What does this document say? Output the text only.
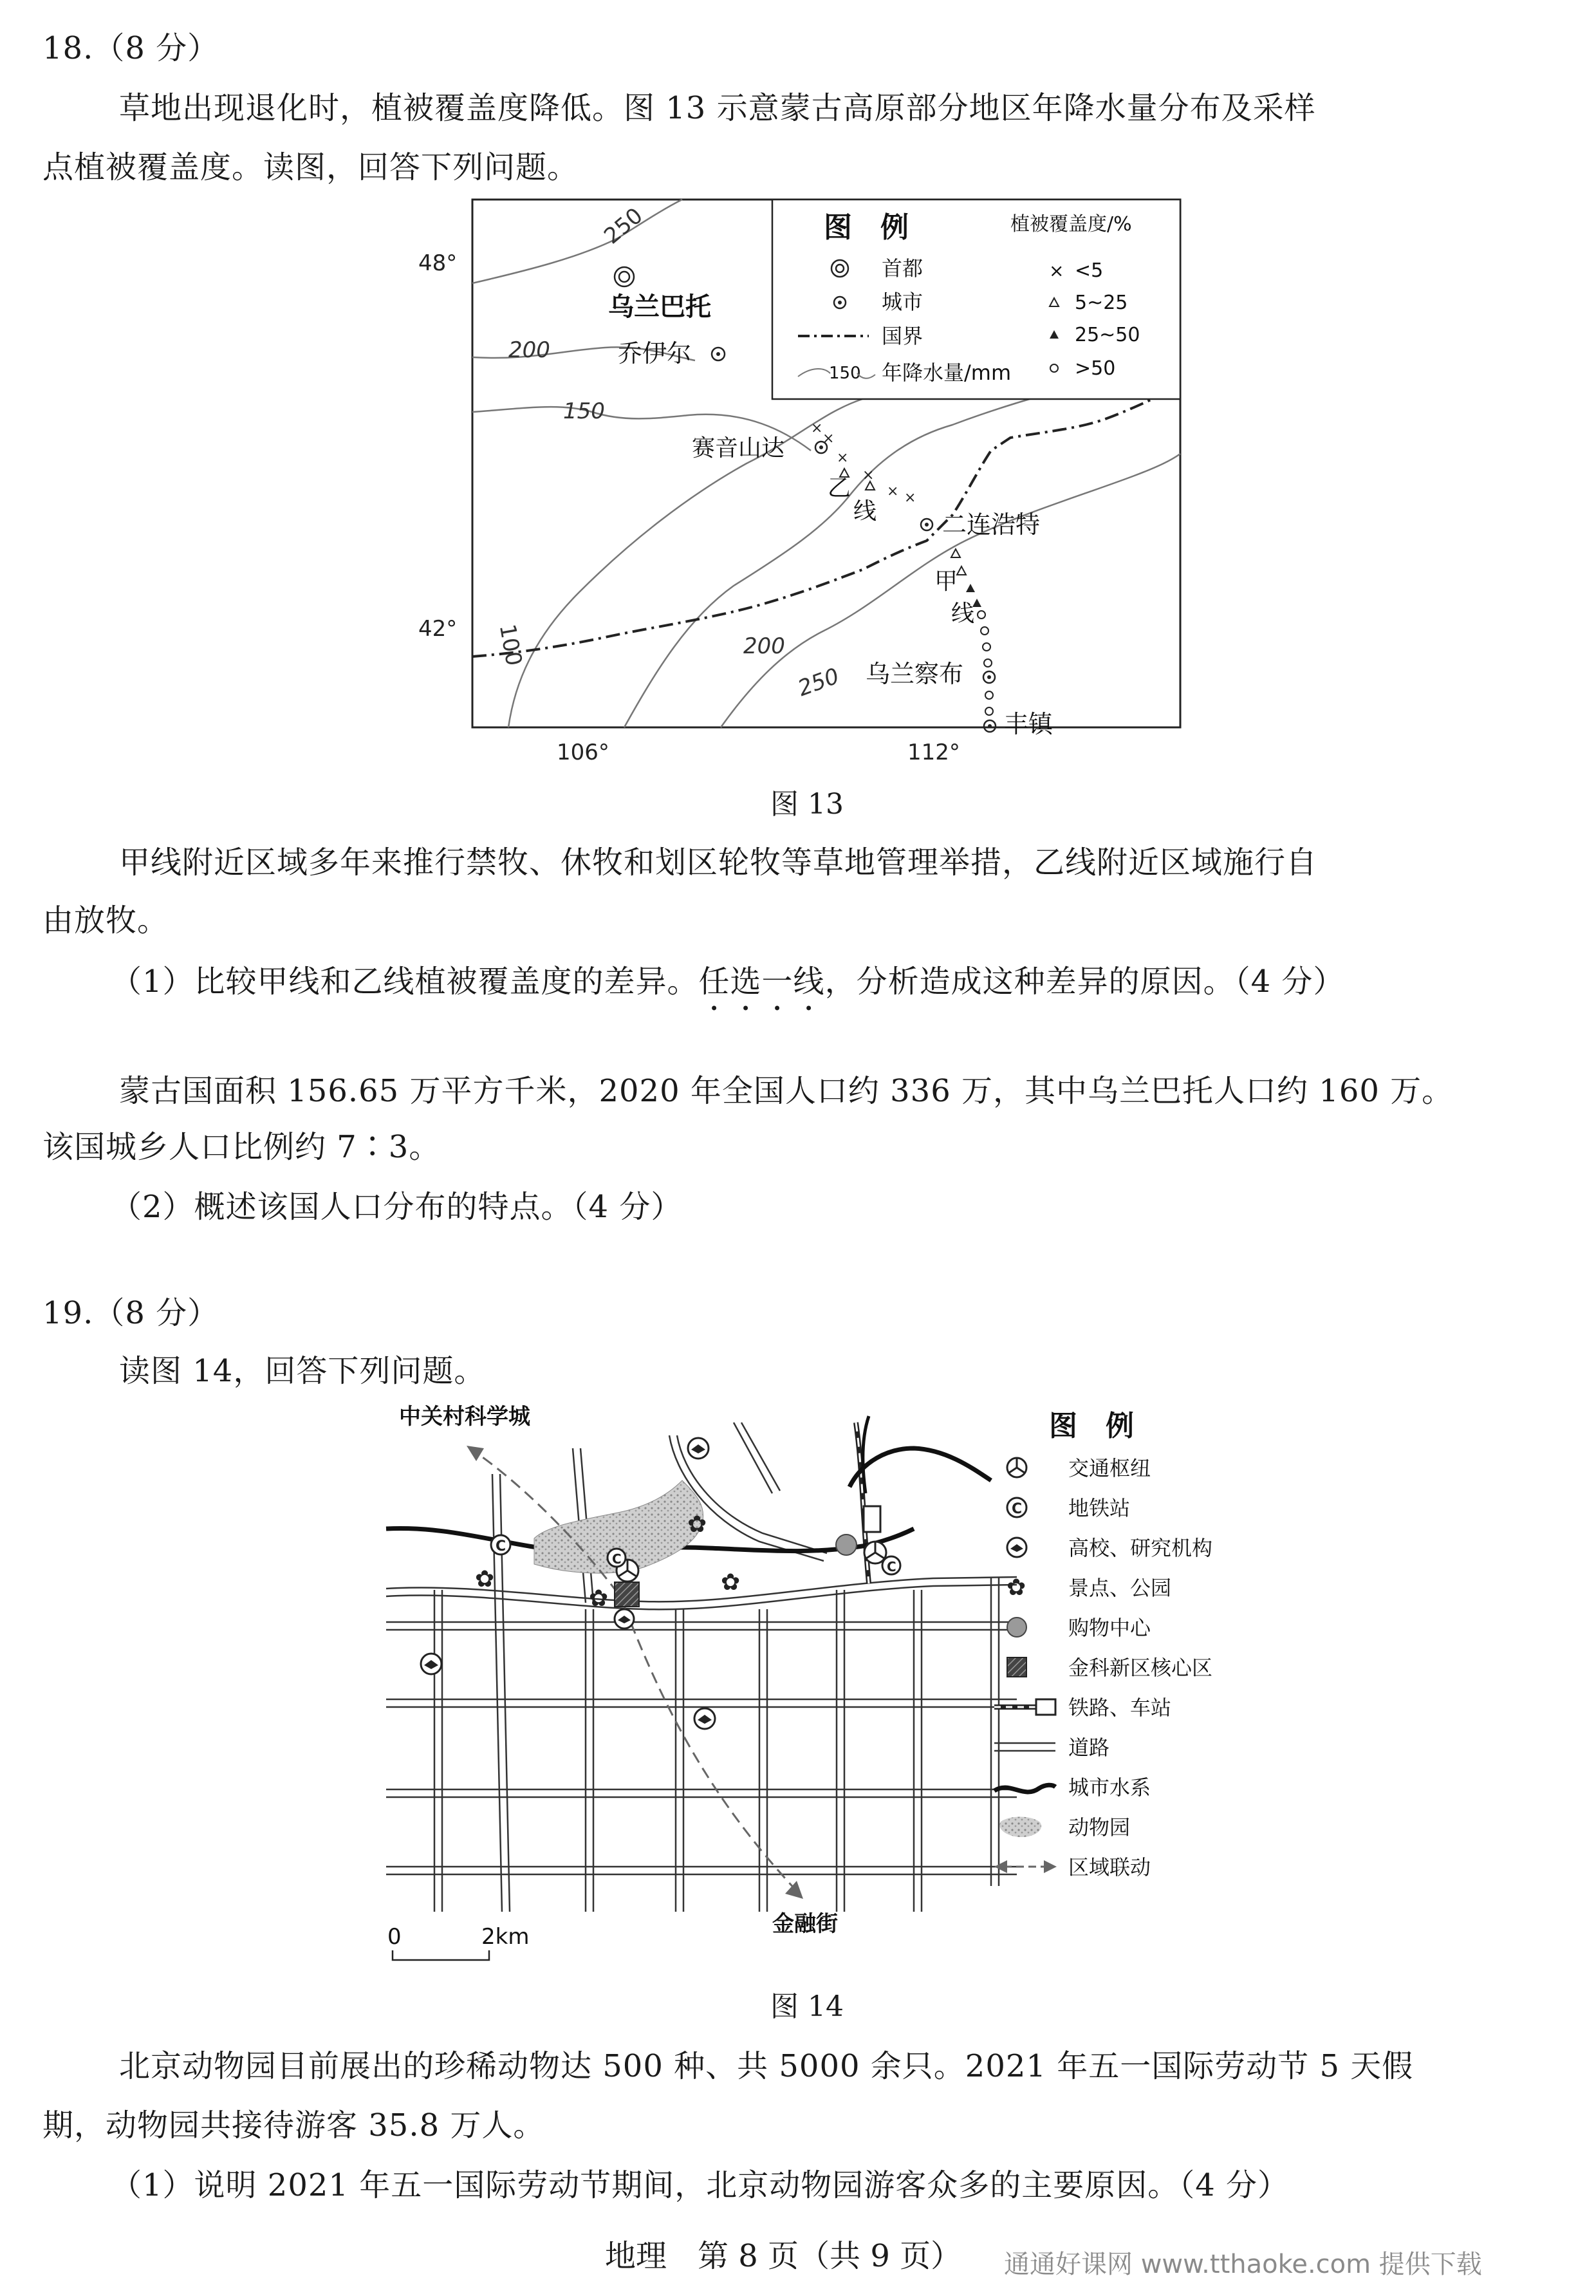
18.（8 分）
草地出现退化时，植被覆盖度降低。图 13 示意蒙古高原部分地区年降水量分布及采样
点植被覆盖度。读图，回答下列问题。
48°
42°
106°	112°
250
200
150
100	200
250
乌兰巴托
乔伊尔
图　例	植被覆盖度/%
首都
城市
国界
150 年降水量/mm
× <5
5~25
25~50
>50
赛音山达
×
×
×
×
× ×
乙
线	二连浩特
甲
线
乌兰察布
丰镇
图 13
甲线附近区域多年来推行禁牧、休牧和划区轮牧等草地管理举措，乙线附近区域施行自
由放牧。
（1）比较甲线和乙线植被覆盖度的差异。任选一线，分析造成这种差异的原因。（4 分）
蒙古国面积 156.65 万平方千米，2020 年全国人口约 336 万，其中乌兰巴托人口约 160 万。
该国城乡人口比例约 7∶3。
（2）概述该国人口分布的特点。（4 分）
19.（8 分）
读图 14，回答下列问题。
C
C	C
✿
✿	✿
✿
中关村科学城
金融街
0	2km
图　例
交通枢纽
C 地铁站
高校、研究机构
✿ 景点、公园
购物中心
金科新区核心区
铁路、车站
道路
城市水系
动物园
区域联动
图 14
北京动物园目前展出的珍稀动物达 500 种、共 5000 余只。2021 年五一国际劳动节 5 天假
期，动物园共接待游客 35.8 万人。
（1）说明 2021 年五一国际劳动节期间，北京动物园游客众多的主要原因。（4 分）
地理　第 8 页（共 9 页） 通通好课网 www.tthaoke.com 提供下载
